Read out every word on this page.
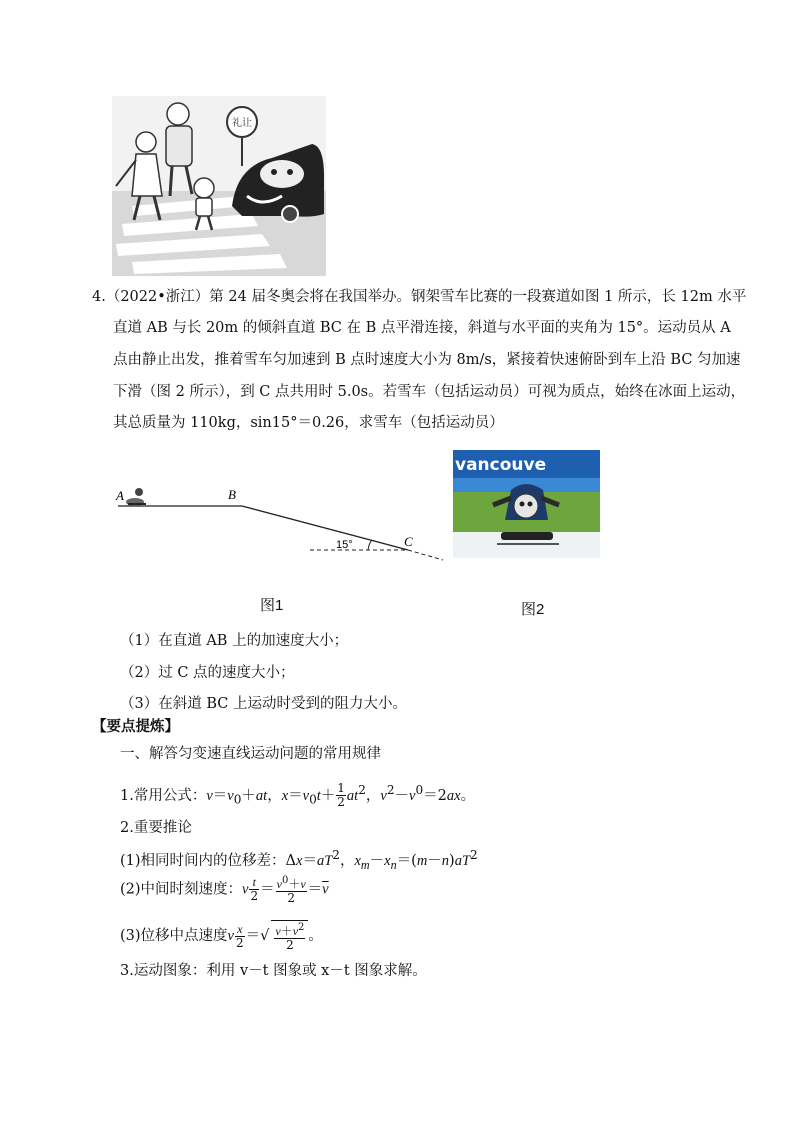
礼让
4.（2022•浙江）第 24 届冬奥会将在我国举办。钢架雪车比赛的一段赛道如图 1 所示，长 12m 水平
直道 AB 与长 20m 的倾斜直道 BC 在 B 点平滑连接，斜道与水平面的夹角为 15°。运动员从 A
点由静止出发，推着雪车匀加速到 B 点时速度大小为 8m/s，紧接着快速俯卧到车上沿 BC 匀加速
下滑（图 2 所示），到 C 点共用时 5.0s。若雪车（包括运动员）可视为质点，始终在冰面上运动，
其总质量为 110kg，sin15°＝0.26，求雪车（包括运动员）
A	B
C
15°
图1
vancouve
图2
（1）在直道 AB 上的加速度大小；
（2）过 C 点的速度大小；
（3）在斜道 BC 上运动时受到的阻力大小。
【要点提炼】
一、解答匀变速直线运动问题的常用规律
1.常用公式：$v=v_0+at$，$x=v_0t+ \frac{1}{2} at^2$，$v^2-v^0=2ax$。
2.重要推论
(1)相同时间内的位移差：$\Delta x=aT^2$，$x_m-x_n=(m-n)aT^2$
(2)中间时刻速度：v $\frac{t}{2} = \frac{v^0+v}{2} =\overline{v}$
(3)位移中点速度v $\frac{x}{2}$ ＝√ $\frac{v+v^2}{2}$ 。
3.运动图象：利用 v－t 图象或 x－t 图象求解。
